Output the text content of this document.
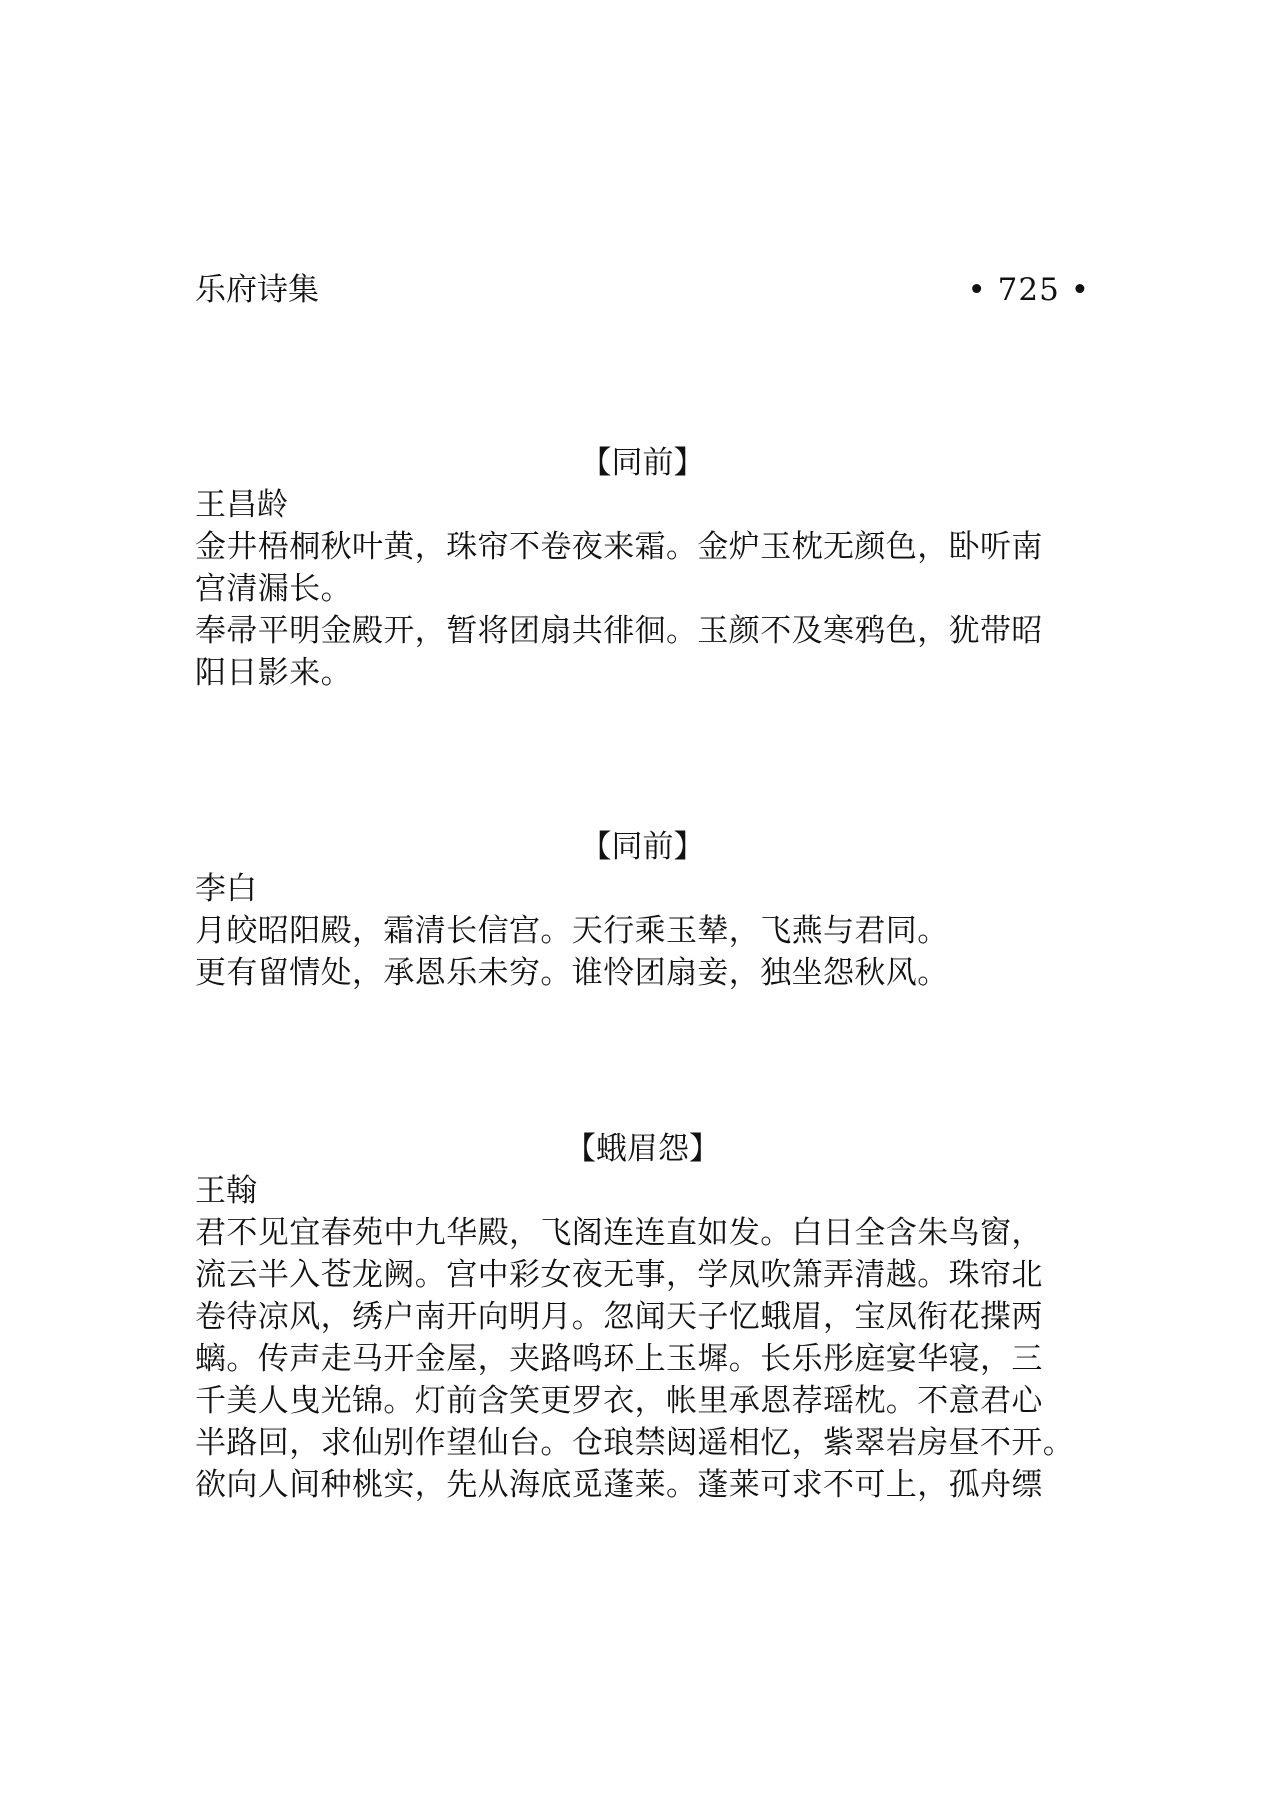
乐府诗集	• 725 •
【同前】

王昌龄

金井梧桐秋叶黄，珠帘不卷夜来霜。金炉玉枕无颜色，卧听南
宫清漏长。

奉帚平明金殿开，暂将团扇共徘徊。玉颜不及寒鸦色，犹带昭
阳日影来。

【同前】

李白

月皎昭阳殿，霜清长信宫。天行乘玉辇，飞燕与君同。

更有留情处，承恩乐未穷。谁怜团扇妾，独坐怨秋风。

【蛾眉怨】

王翰

君不见宜春苑中九华殿，飞阁连连直如发。白日全含朱鸟窗，
流云半入苍龙阙。宫中彩女夜无事，学凤吹箫弄清越。珠帘北
卷待凉风，绣户南开向明月。忽闻天子忆蛾眉，宝凤衔花揲两
螭。传声走马开金屋，夹路鸣环上玉墀。长乐彤庭宴华寝，三
千美人曳光锦。灯前含笑更罗衣，帐里承恩荐瑶枕。不意君心
半路回，求仙别作望仙台。仓琅禁闼遥相忆，紫翠岩房昼不开。
欲向人间种桃实，先从海底觅蓬莱。蓬莱可求不可上，孤舟缥
